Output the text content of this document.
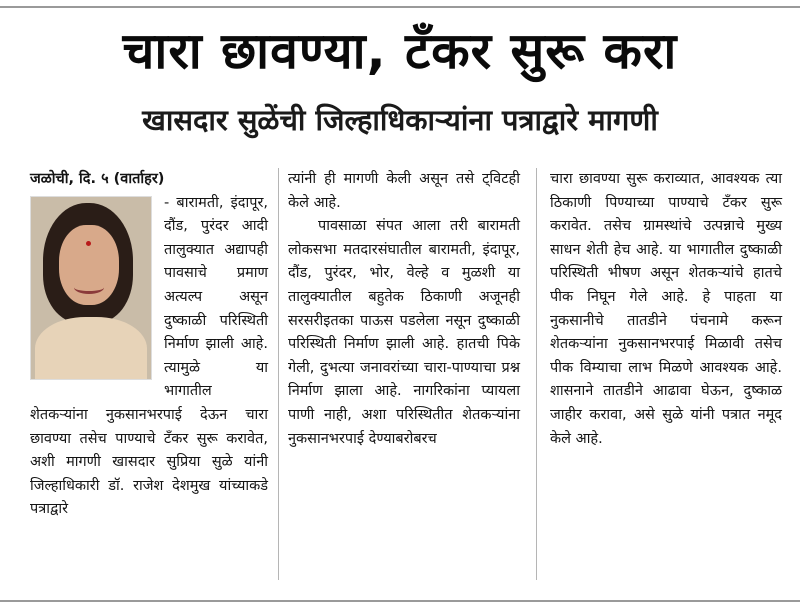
चारा छावण्या, टँकर सुरू करा
खासदार सुळेंची जिल्हाधिकाऱ्यांना पत्राद्वारे मागणी

जळोची, दि. ५ (वार्ताहर)

- बारामती, इंदापूर, दौंड, पुरंदर आदी तालुक्यात अद्यापही पावसाचे प्रमाण अत्यल्प असून दुष्काळी परिस्थिती निर्माण झाली आहे. त्यामुळे या भागातील शेतकऱ्यांना नुकसानभरपाई देऊन चारा छावण्या तसेच पाण्याचे टँकर सुरू करावेत, अशी मागणी खासदार सुप्रिया सुळे यांनी जिल्हाधिकारी डॉ. राजेश देशमुख यांच्याकडे पत्राद्वारे

त्यांनी ही मागणी केली असून तसे ट्विटही केले आहे.

पावसाळा संपत आला तरी बारामती लोकसभा मतदारसंघातील बारामती, इंदापूर, दौंड, पुरंदर, भोर, वेल्हे व मुळशी या तालुक्यातील बहुतेक ठिकाणी अजूनही सरसरीइतका पाऊस पडलेला नसून दुष्काळी परिस्थिती निर्माण झाली आहे. हातची पिके गेली, दुभत्या जनावरांच्या चारा-पाण्याचा प्रश्न निर्माण झाला आहे. नागरिकांना प्यायला पाणी नाही, अशा परिस्थितीत शेतकऱ्यांना नुकसानभरपाई देण्याबरोबरच

चारा छावण्या सुरू कराव्यात, आवश्यक त्या ठिकाणी पिण्याच्या पाण्याचे टँकर सुरू करावेत. तसेच ग्रामस्थांचे उत्पन्नाचे मुख्य साधन शेती हेच आहे. या भागातील दुष्काळी परिस्थिती भीषण असून शेतकऱ्यांचे हातचे पीक निघून गेले आहे. हे पाहता या नुकसानीचे तातडीने पंचनामे करून शेतकऱ्यांना नुकसानभरपाई मिळावी तसेच पीक विम्याचा लाभ मिळणे आवश्यक आहे. शासनाने तातडीने आढावा घेऊन, दुष्काळ जाहीर करावा, असे सुळे यांनी पत्रात नमूद केले आहे.
